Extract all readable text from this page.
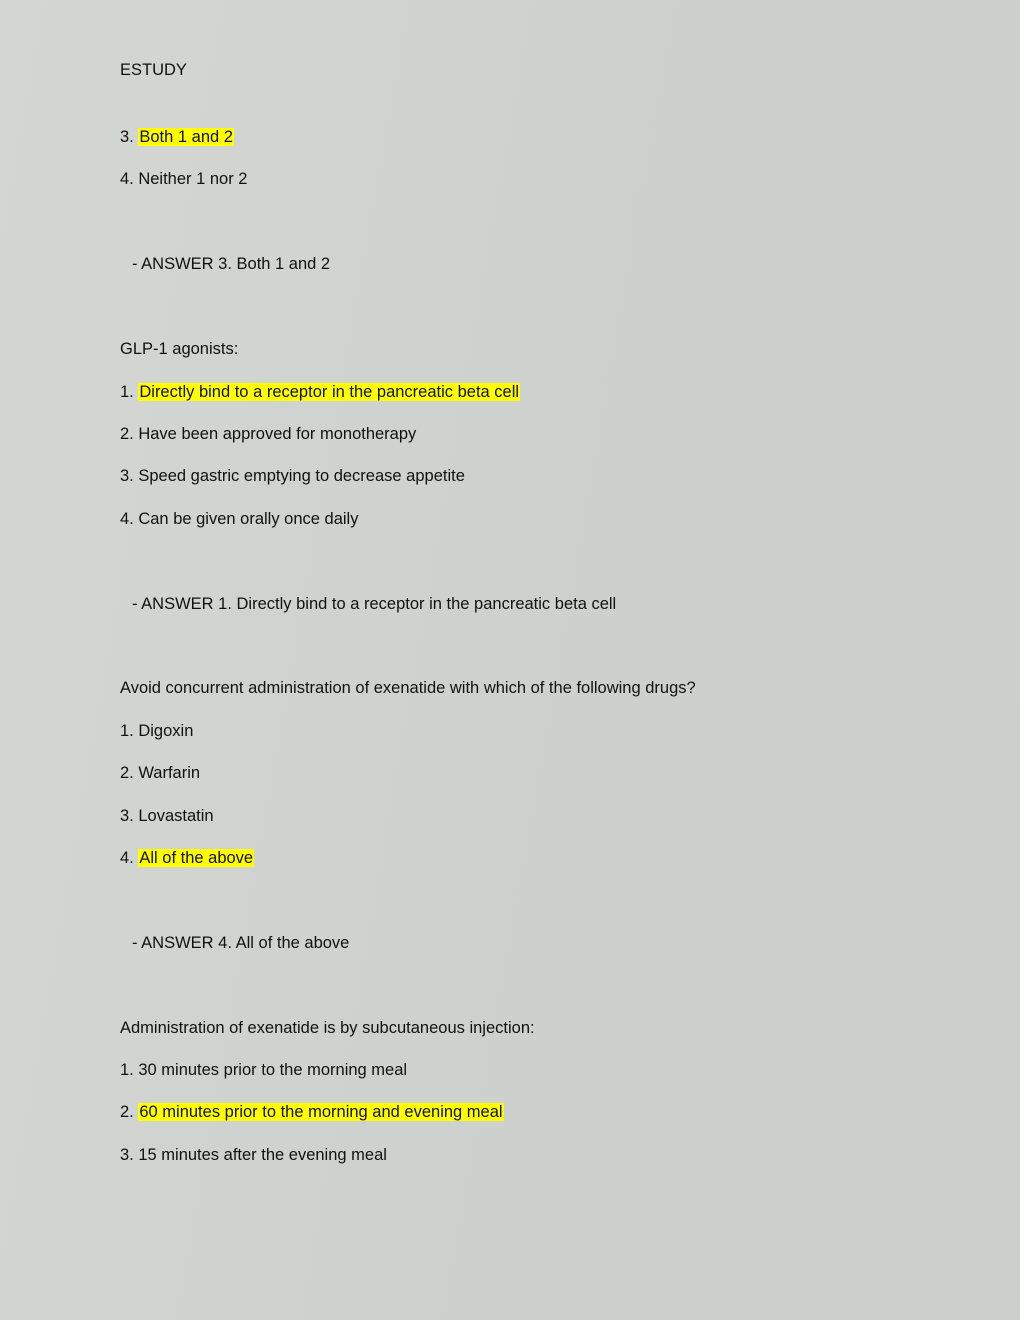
ESTUDY
3. Both 1 and 2
4. Neither 1 nor 2
- ANSWER 3. Both 1 and 2
GLP-1 agonists:
1. Directly bind to a receptor in the pancreatic beta cell
2. Have been approved for monotherapy
3. Speed gastric emptying to decrease appetite
4. Can be given orally once daily
- ANSWER 1. Directly bind to a receptor in the pancreatic beta cell
Avoid concurrent administration of exenatide with which of the following drugs?
1. Digoxin
2. Warfarin
3. Lovastatin
4. All of the above
- ANSWER 4. All of the above
Administration of exenatide is by subcutaneous injection:
1. 30 minutes prior to the morning meal
2. 60 minutes prior to the morning and evening meal
3. 15 minutes after the evening meal
